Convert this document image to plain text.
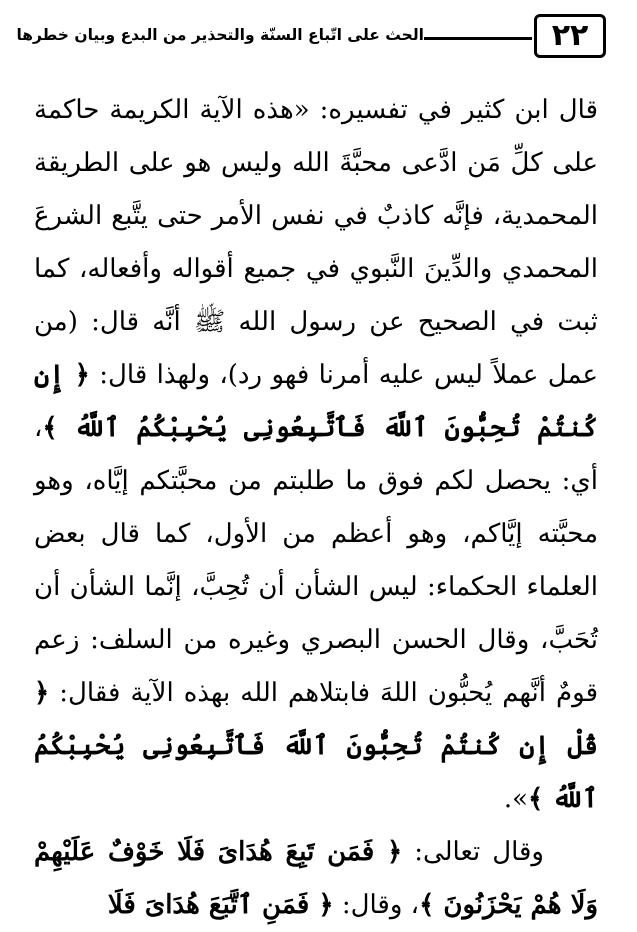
٢٢
الحث على اتّباع السنّة والتحذير من البدع وبيان خطرها

قال ابن كثير في تفسيره: «هذه الآية الكريمة حاكمة على كلِّ مَن ادَّعى محبَّةَ الله وليس هو على الطريقة المحمدية، فإنَّه كاذبٌ في نفس الأمر حتى يتَّبع الشرعَ المحمدي والدِّينَ النَّبوي في جميع أقواله وأفعاله، كما ثبت في الصحيح عن رسول الله ﷺ أنَّه قال: (من عمل عملاً ليس عليه أمرنا فهو رد)، ولهذا قال: ﴿ إِن كُنتُمْ تُحِبُّونَ ٱللَّهَ فَٱتَّبِعُونِى يُحْبِبْكُمُ ٱللَّهُ ﴾، أي: يحصل لكم فوق ما طلبتم من محبَّتكم إيَّاه، وهو محبَّته إيَّاكم، وهو أعظم من الأول، كما قال بعض العلماء الحكماء: ليس الشأن أن تُحِبَّ، إنَّما الشأن أن تُحَبَّ، وقال الحسن البصري وغيره من السلف: زعم قومٌ أنَّهم يُحبُّون اللهَ فابتلاهم الله بهذه الآية فقال: ﴿ قُلْ إِن كُنتُمْ تُحِبُّونَ ٱللَّهَ فَٱتَّبِعُونِى يُحْبِبْكُمُ ٱللَّهُ ﴾».

وقال تعالى: ﴿ فَمَن تَبِعَ هُدَاىَ فَلَا خَوْفٌ عَلَيْهِمْ وَلَا هُمْ يَحْزَنُونَ ﴾، وقال: ﴿ فَمَنِ ٱتَّبَعَ هُدَاىَ فَلَا
